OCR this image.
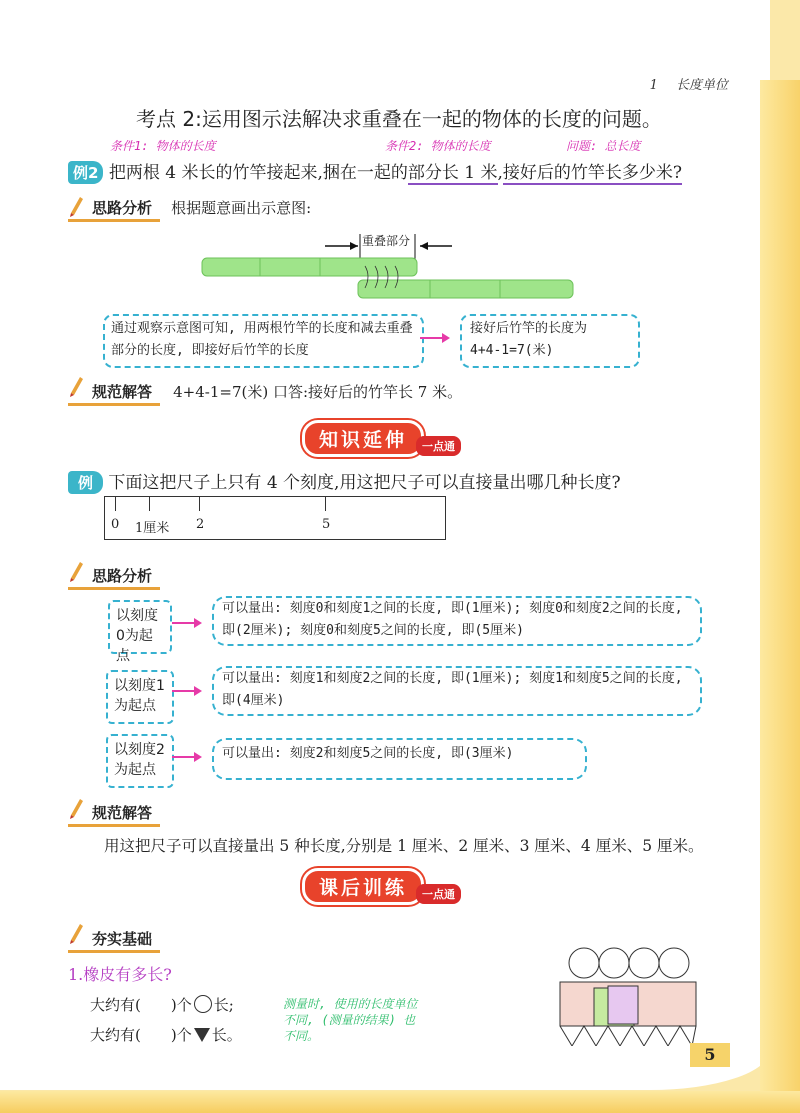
1 长度单位
考点 2:运用图示法解决求重叠在一起的物体的长度的问题。
条件1: 物体的长度	条件2: 物体的长度	问题: 总长度
例2 把两根 4 米长的竹竿接起来,捆在一起的部分长 1 米,接好后的竹竿长多少米?
思路分析 根据题意画出示意图:
重叠部分
通过观察示意图可知, 用两根竹竿的长度和减去重叠部分的长度, 即接好后竹竿的长度
接好后竹竿的长度为
4+4-1=7(米)
规范解答 4+4-1=7(米) 口答:接好后的竹竿长 7 米。
知识延伸	一点通
例 下面这把尺子上只有 4 个刻度,用这把尺子可以直接量出哪几种长度?
0 1厘米 2	5
思路分析
以刻度0为起点
可以量出: 刻度0和刻度1之间的长度, 即(1厘米); 刻度0和刻度2之间的长度, 即(2厘米); 刻度0和刻度5之间的长度, 即(5厘米)
以刻度1为起点
可以量出: 刻度1和刻度2之间的长度, 即(1厘米); 刻度1和刻度5之间的长度, 即(4厘米)
以刻度2为起点
可以量出: 刻度2和刻度5之间的长度, 即(3厘米)
规范解答
用这把尺子可以直接量出 5 种长度,分别是 1 厘米、2 厘米、3 厘米、4 厘米、5 厘米。
课后训练	一点通
夯实基础
1.橡皮有多长?
大约有( )个 长;
大约有( )个 长。
测量时, 使用的长度单位不同, (测量的结果) 也不同。
5
